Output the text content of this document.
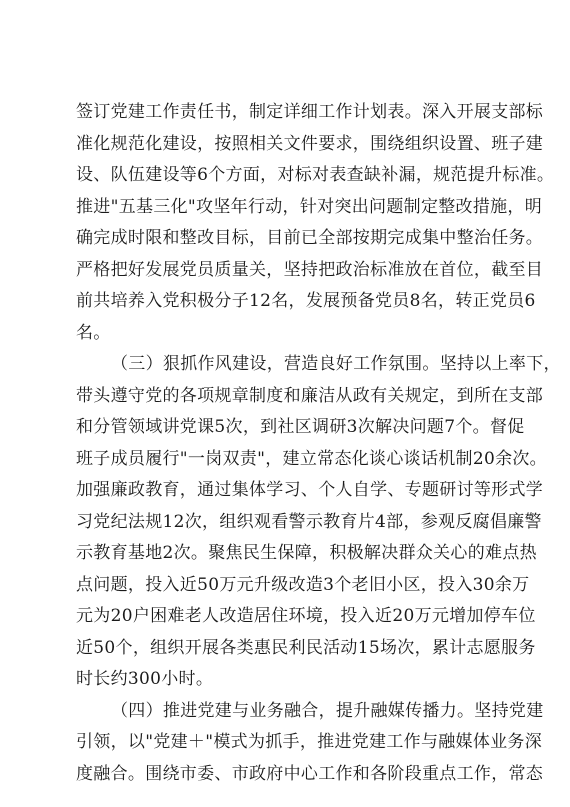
签订党建工作责任书，制定详细工作计划表。深入开展支部标
准化规范化建设，按照相关文件要求，围绕组织设置、班子建
设、队伍建设等6个方面，对标对表查缺补漏，规范提升标准。
推进"五基三化"攻坚年行动，针对突出问题制定整改措施，明
确完成时限和整改目标，目前已全部按期完成集中整治任务。
严格把好发展党员质量关，坚持把政治标准放在首位，截至目
前共培养入党积极分子12名，发展预备党员8名，转正党员6
名。
（三）狠抓作风建设，营造良好工作氛围。坚持以上率下，
带头遵守党的各项规章制度和廉洁从政有关规定，到所在支部
和分管领域讲党课5次，到社区调研3次解决问题7个。督促
班子成员履行"一岗双责"，建立常态化谈心谈话机制20余次。
加强廉政教育，通过集体学习、个人自学、专题研讨等形式学
习党纪法规12次，组织观看警示教育片4部，参观反腐倡廉警
示教育基地2次。聚焦民生保障，积极解决群众关心的难点热
点问题，投入近50万元升级改造3个老旧小区，投入30余万
元为20户困难老人改造居住环境，投入近20万元增加停车位
近50个，组织开展各类惠民利民活动15场次，累计志愿服务
时长约300小时。
（四）推进党建与业务融合，提升融媒传播力。坚持党建
引领，以"党建＋"模式为抓手，推进党建工作与融媒体业务深
度融合。围绕市委、市政府中心工作和各阶段重点工作，常态
